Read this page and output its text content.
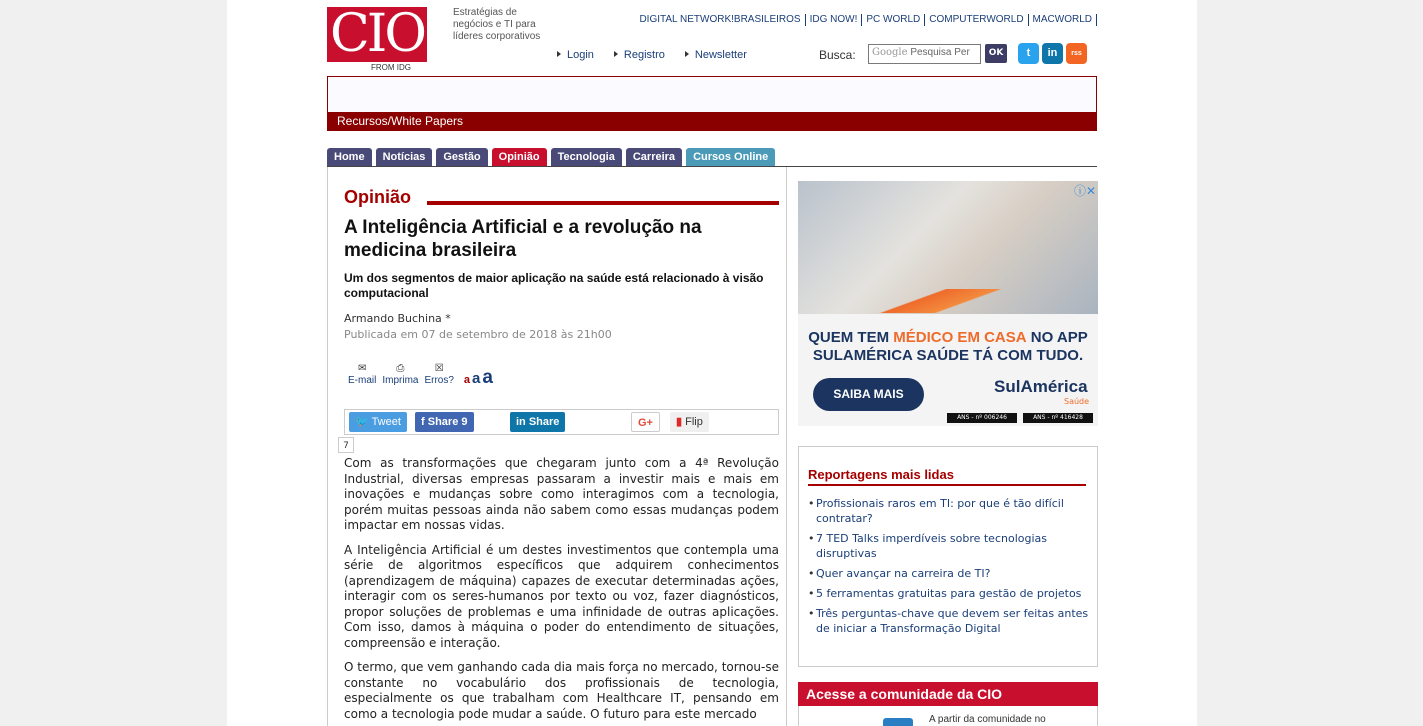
CIO
FROM IDG
Estratégias de negócios e TI para líderes corporativos
DIGITAL NETWORK!BRASILEIROS IDG NOW! PC WORLD COMPUTERWORLD MACWORLD
Login	Registro	Newsletter	Busca:	Google Pesquisa Per	OK	t	in	rss
Recursos/White Papers
Home	Notícias	Gestão	Opinião	Tecnologia	Carreira	Cursos Online
Opinião
A Inteligência Artificial e a revolução na medicina brasileira
Um dos segmentos de maior aplicação na saúde está relacionado à visão computacional
Armando Buchina *
Publicada em 07 de setembro de 2018 às 21h00
✉
E-mail
⎙
Imprima
☒
Erros? a a a
🐦 Tweet	f Share 9	in Share	G+	▮ Flip
7

Com as transformações que chegaram junto com a 4ª Revolução Industrial, diversas empresas passaram a investir mais e mais em inovações e mudanças sobre como interagimos com a tecnologia, porém muitas pessoas ainda não sabem como essas mudanças podem impactar em nossas vidas.

A Inteligência Artificial é um destes investimentos que contempla uma série de algoritmos específicos que adquirem conhecimentos (aprendizagem de máquina) capazes de executar determinadas ações, interagir com os seres-humanos por texto ou voz, fazer diagnósticos, propor soluções de problemas e uma infinidade de outras aplicações. Com isso, damos à máquina o poder do entendimento de situações, compreensão e interação.

O termo, que vem ganhando cada dia mais força no mercado, tornou-se constante no vocabulário dos profissionais de tecnologia, especialmente os que trabalham com Healthcare IT, pensando em como a tecnologia pode mudar a saúde. O futuro para este mercado

ⓘ✕
QUEM TEM MÉDICO EM CASA NO APP
SULAMÉRICA SAÚDE TÁ COM TUDO.
SAIBA MAIS	SulAmérica
Saúde
ANS - nº 006246	ANS - nº 416428
Reportagens mais lidas
• Profissionais raros em TI: por que é tão difícil contratar?
• 7 TED Talks imperdíveis sobre tecnologias disruptivas
• Quer avançar na carreira de TI?
• 5 ferramentas gratuitas para gestão de projetos
• Três perguntas-chave que devem ser feitas antes de iniciar a Transformação Digital
Acesse a comunidade da CIO
A partir da comunidade no
